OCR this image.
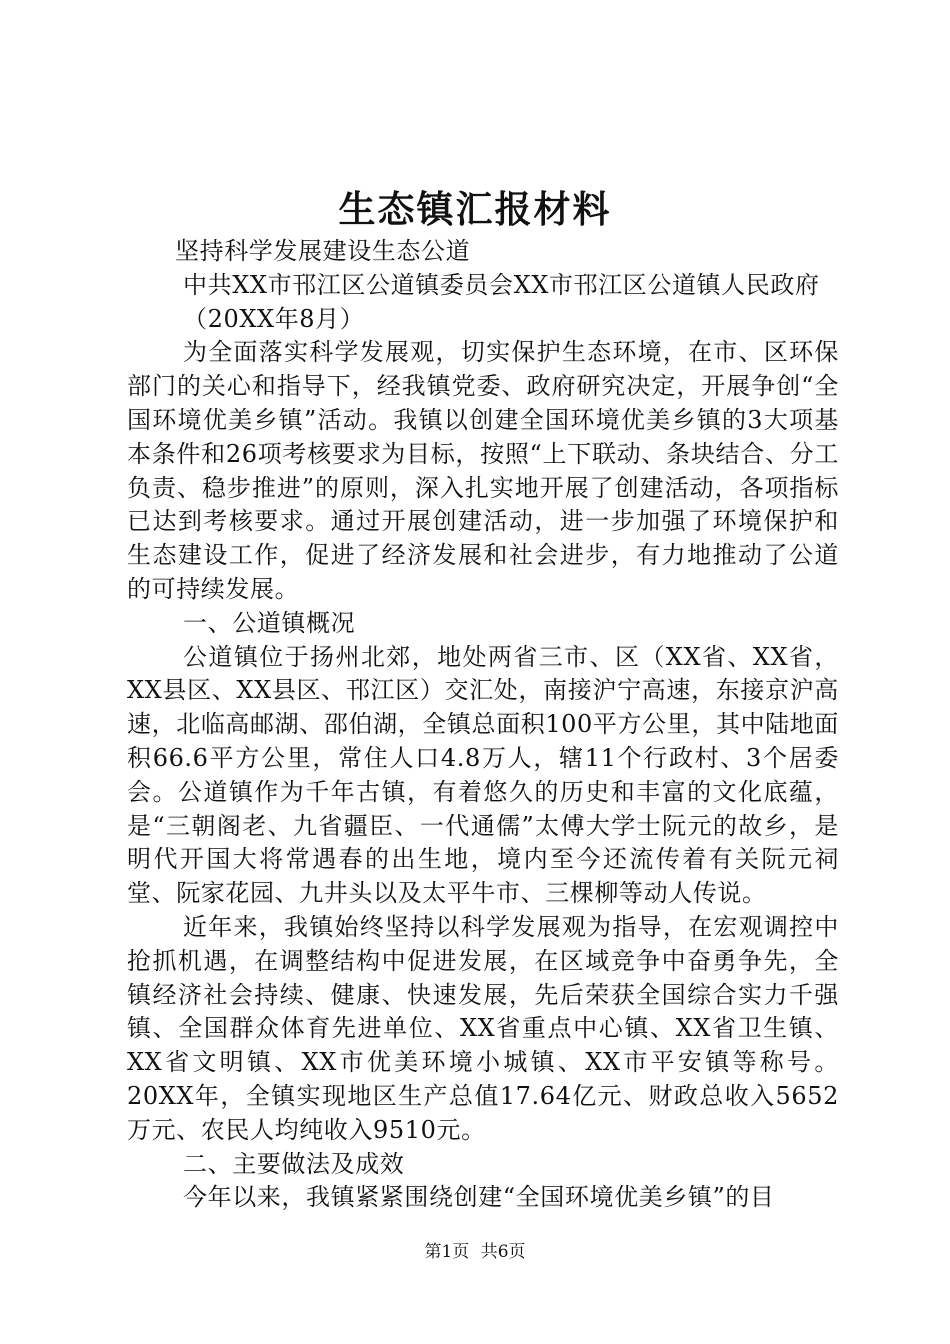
生态镇汇报材料

坚持科学发展建设生态公道

中共XX市邗江区公道镇委员会XX市邗江区公道镇人民政府

（20XX年8月）

为全面落实科学发展观，切实保护生态环境，在市、区环保部门的关心和指导下，经我镇党委、政府研究决定，开展争创“全国环境优美乡镇”活动。我镇以创建全国环境优美乡镇的3大项基本条件和26项考核要求为目标，按照“上下联动、条块结合、分工负责、稳步推进”的原则，深入扎实地开展了创建活动，各项指标已达到考核要求。通过开展创建活动，进一步加强了环境保护和生态建设工作，促进了经济发展和社会进步，有力地推动了公道的可持续发展。

一、公道镇概况

公道镇位于扬州北郊，地处两省三市、区（XX省、XX省，XX县区、XX县区、邗江区）交汇处，南接沪宁高速，东接京沪高速，北临高邮湖、邵伯湖，全镇总面积100平方公里，其中陆地面积66.6平方公里，常住人口4.8万人，辖11个行政村、3个居委会。公道镇作为千年古镇，有着悠久的历史和丰富的文化底蕴，是“三朝阁老、九省疆臣、一代通儒”太傅大学士阮元的故乡，是明代开国大将常遇春的出生地，境内至今还流传着有关阮元祠堂、阮家花园、九井头以及太平牛市、三棵柳等动人传说。

近年来，我镇始终坚持以科学发展观为指导，在宏观调控中抢抓机遇，在调整结构中促进发展，在区域竞争中奋勇争先，全镇经济社会持续、健康、快速发展，先后荣获全国综合实力千强镇、全国群众体育先进单位、XX省重点中心镇、XX省卫生镇、XX省文明镇、XX市优美环境小城镇、XX市平安镇等称号。20XX年，全镇实现地区生产总值17.64亿元、财政总收入5652万元、农民人均纯收入9510元。

二、主要做法及成效

今年以来，我镇紧紧围绕创建“全国环境优美乡镇”的目

第1页 共6页
